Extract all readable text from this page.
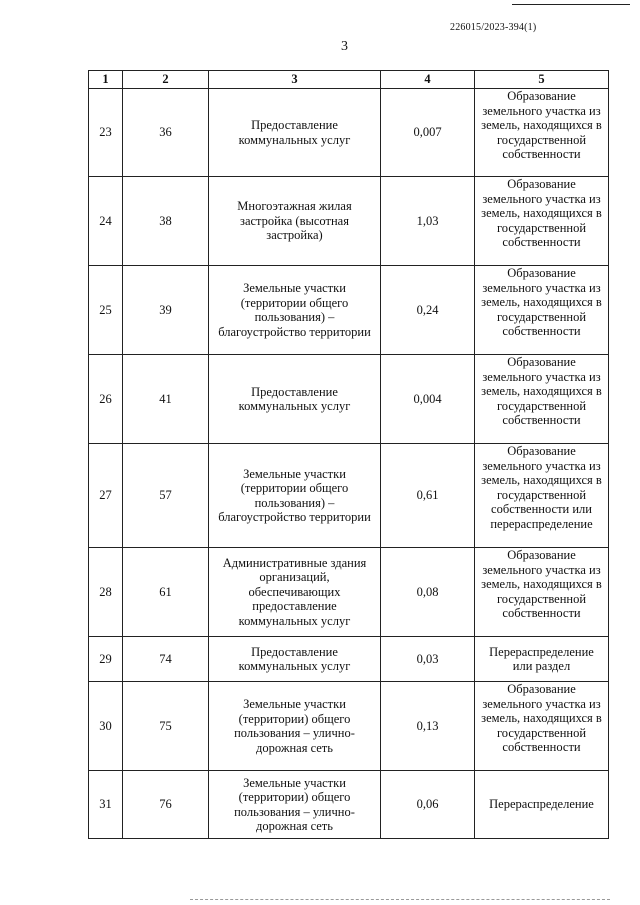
226015/2023-394(1)
3
1	2	3	4	5
23	36	Предоставление коммунальных услуг	0,007	Образование земельного участка из земель, находящихся в государственной собственности
24	38	Многоэтажная жилая застройка (высотная застройка)	1,03	Образование земельного участка из земель, находящихся в государственной собственности
25	39	Земельные участки (территории общего пользования) – благоустройство территории	0,24	Образование земельного участка из земель, находящихся в государственной собственности
26	41	Предоставление коммунальных услуг	0,004	Образование земельного участка из земель, находящихся в государственной собственности
27	57	Земельные участки (территории общего пользования) – благоустройство территории	0,61	Образование земельного участка из земель, находящихся в государственной собственности или перераспределение
28	61	Административные здания организаций, обеспечивающих предоставление коммунальных услуг	0,08	Образование земельного участка из земель, находящихся в государственной собственности
29	74	Предоставление коммунальных услуг	0,03	Перераспределение или раздел
30	75	Земельные участки (территории) общего пользования – улично-дорожная сеть	0,13	Образование земельного участка из земель, находящихся в государственной собственности
31	76	Земельные участки (территории) общего пользования – улично-дорожная сеть	0,06	Перераспределение
